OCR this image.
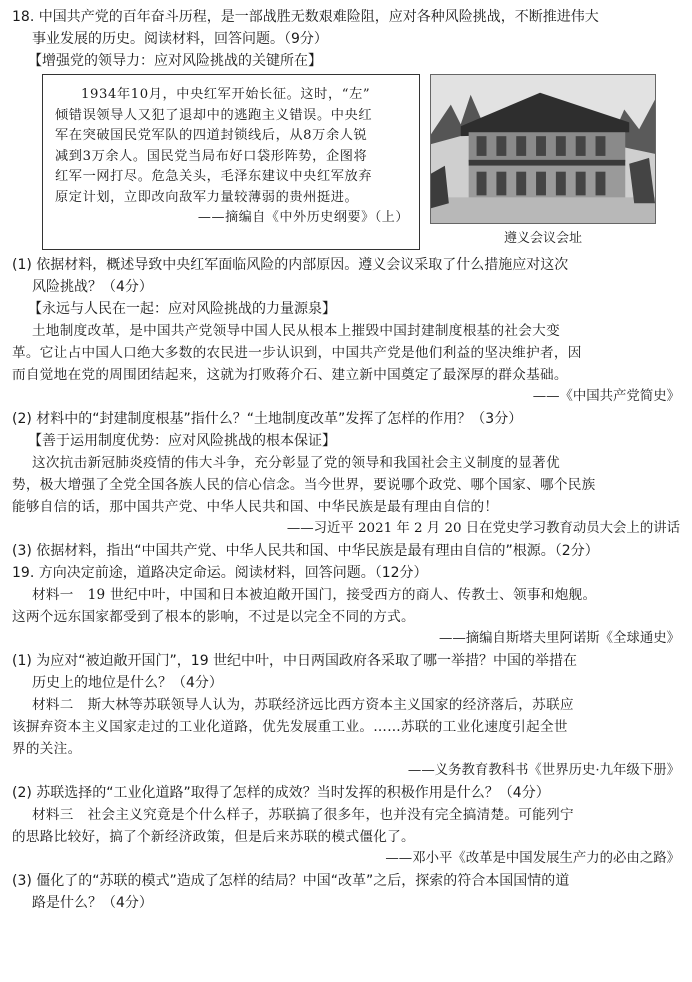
18. 中国共产党的百年奋斗历程，是一部战胜无数艰难险阻，应对各种风险挑战，不断推进伟大
事业发展的历史。阅读材料，回答问题。（9分）
【增强党的领导力：应对风险挑战的关键所在】
1934年10月，中央红军开始长征。这时，“左”
倾错误领导人又犯了退却中的逃跑主义错误。中央红
军在突破国民党军队的四道封锁线后，从8万余人锐
减到3万余人。国民党当局布好口袋形阵势，企图将
红军一网打尽。危急关头，毛泽东建议中央红军放弃
原定计划，立即改向敌军力量较薄弱的贵州挺进。
——摘编自《中外历史纲要》（上）
遵义会议会址
(1) 依据材料，概述导致中央红军面临风险的内部原因。遵义会议采取了什么措施应对这次
风险挑战？（4分）
【永远与人民在一起：应对风险挑战的力量源泉】
土地制度改革，是中国共产党领导中国人民从根本上摧毁中国封建制度根基的社会大变
革。它让占中国人口绝大多数的农民进一步认识到，中国共产党是他们利益的坚决维护者，因
而自觉地在党的周围团结起来，这就为打败蒋介石、建立新中国奠定了最深厚的群众基础。
——《中国共产党简史》
(2) 材料中的“封建制度根基”指什么？“土地制度改革”发挥了怎样的作用？（3分）
【善于运用制度优势：应对风险挑战的根本保证】
这次抗击新冠肺炎疫情的伟大斗争，充分彰显了党的领导和我国社会主义制度的显著优
势，极大增强了全党全国各族人民的信心信念。当今世界，要说哪个政党、哪个国家、哪个民族
能够自信的话，那中国共产党、中华人民共和国、中华民族是最有理由自信的！
——习近平 2021 年 2 月 20 日在党史学习教育动员大会上的讲话
(3) 依据材料，指出“中国共产党、中华人民共和国、中华民族是最有理由自信的”根源。（2分）
19. 方向决定前途，道路决定命运。阅读材料，回答问题。（12分）
材料一　19 世纪中叶，中国和日本被迫敞开国门，接受西方的商人、传教士、领事和炮舰。
这两个远东国家都受到了根本的影响，不过是以完全不同的方式。
——摘编自斯塔夫里阿诺斯《全球通史》
(1) 为应对“被迫敞开国门”，19 世纪中叶，中日两国政府各采取了哪一举措？中国的举措在
历史上的地位是什么？（4分）
材料二　斯大林等苏联领导人认为，苏联经济远比西方资本主义国家的经济落后，苏联应
该摒弃资本主义国家走过的工业化道路，优先发展重工业。……苏联的工业化速度引起全世
界的关注。
——义务教育教科书《世界历史·九年级下册》
(2) 苏联选择的“工业化道路”取得了怎样的成效？当时发挥的积极作用是什么？（4分）
材料三　社会主义究竟是个什么样子，苏联搞了很多年，也并没有完全搞清楚。可能列宁
的思路比较好，搞了个新经济政策，但是后来苏联的模式僵化了。
——邓小平《改革是中国发展生产力的必由之路》
(3) 僵化了的“苏联的模式”造成了怎样的结局？中国“改革”之后，探索的符合本国国情的道
路是什么？（4分）
